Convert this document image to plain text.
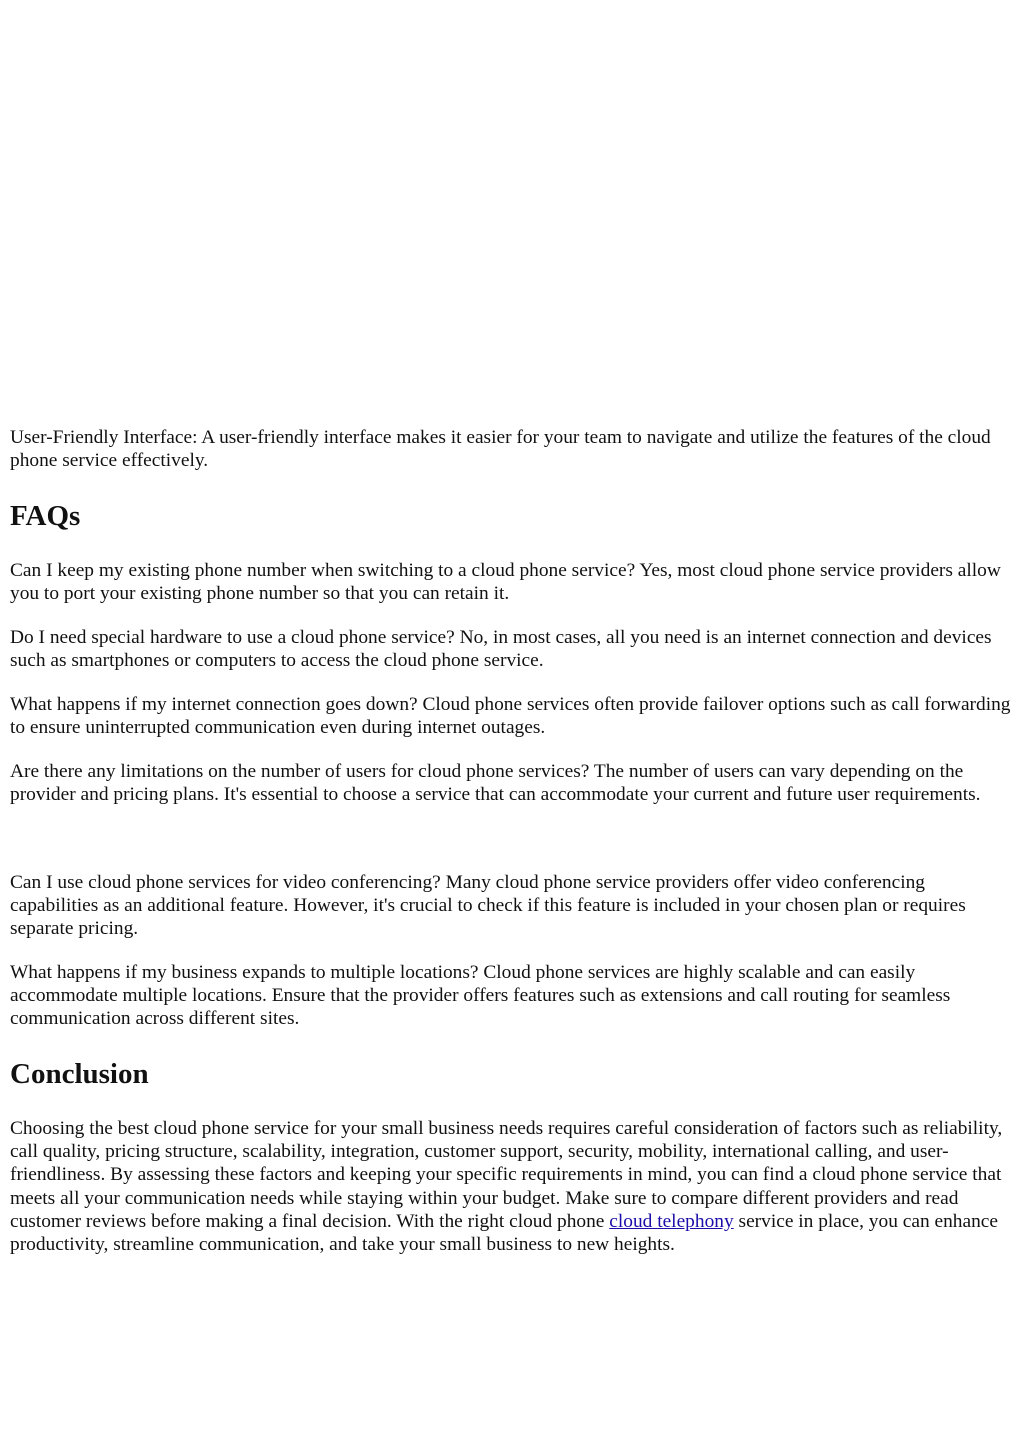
User-Friendly Interface: A user-friendly interface makes it easier for your team to navigate and utilize the features of the cloud phone service effectively.

FAQs

Can I keep my existing phone number when switching to a cloud phone service? Yes, most cloud phone service providers allow you to port your existing phone number so that you can retain it.

Do I need special hardware to use a cloud phone service? No, in most cases, all you need is an internet connection and devices such as smartphones or computers to access the cloud phone service.

What happens if my internet connection goes down? Cloud phone services often provide failover options such as call forwarding to ensure uninterrupted communication even during internet outages.

Are there any limitations on the number of users for cloud phone services? The number of users can vary depending on the provider and pricing plans. It's essential to choose a service that can accommodate your current and future user requirements.

Can I use cloud phone services for video conferencing? Many cloud phone service providers offer video conferencing capabilities as an additional feature. However, it's crucial to check if this feature is included in your chosen plan or requires separate pricing.

What happens if my business expands to multiple locations? Cloud phone services are highly scalable and can easily accommodate multiple locations. Ensure that the provider offers features such as extensions and call routing for seamless communication across different sites.

Conclusion

Choosing the best cloud phone service for your small business needs requires careful consideration of factors such as reliability, call quality, pricing structure, scalability, integration, customer support, security, mobility, international calling, and user-friendliness. By assessing these factors and keeping your specific requirements in mind, you can find a cloud phone service that meets all your communication needs while staying within your budget. Make sure to compare different providers and read customer reviews before making a final decision. With the right cloud phone cloud telephony service in place, you can enhance productivity, streamline communication, and take your small business to new heights.
